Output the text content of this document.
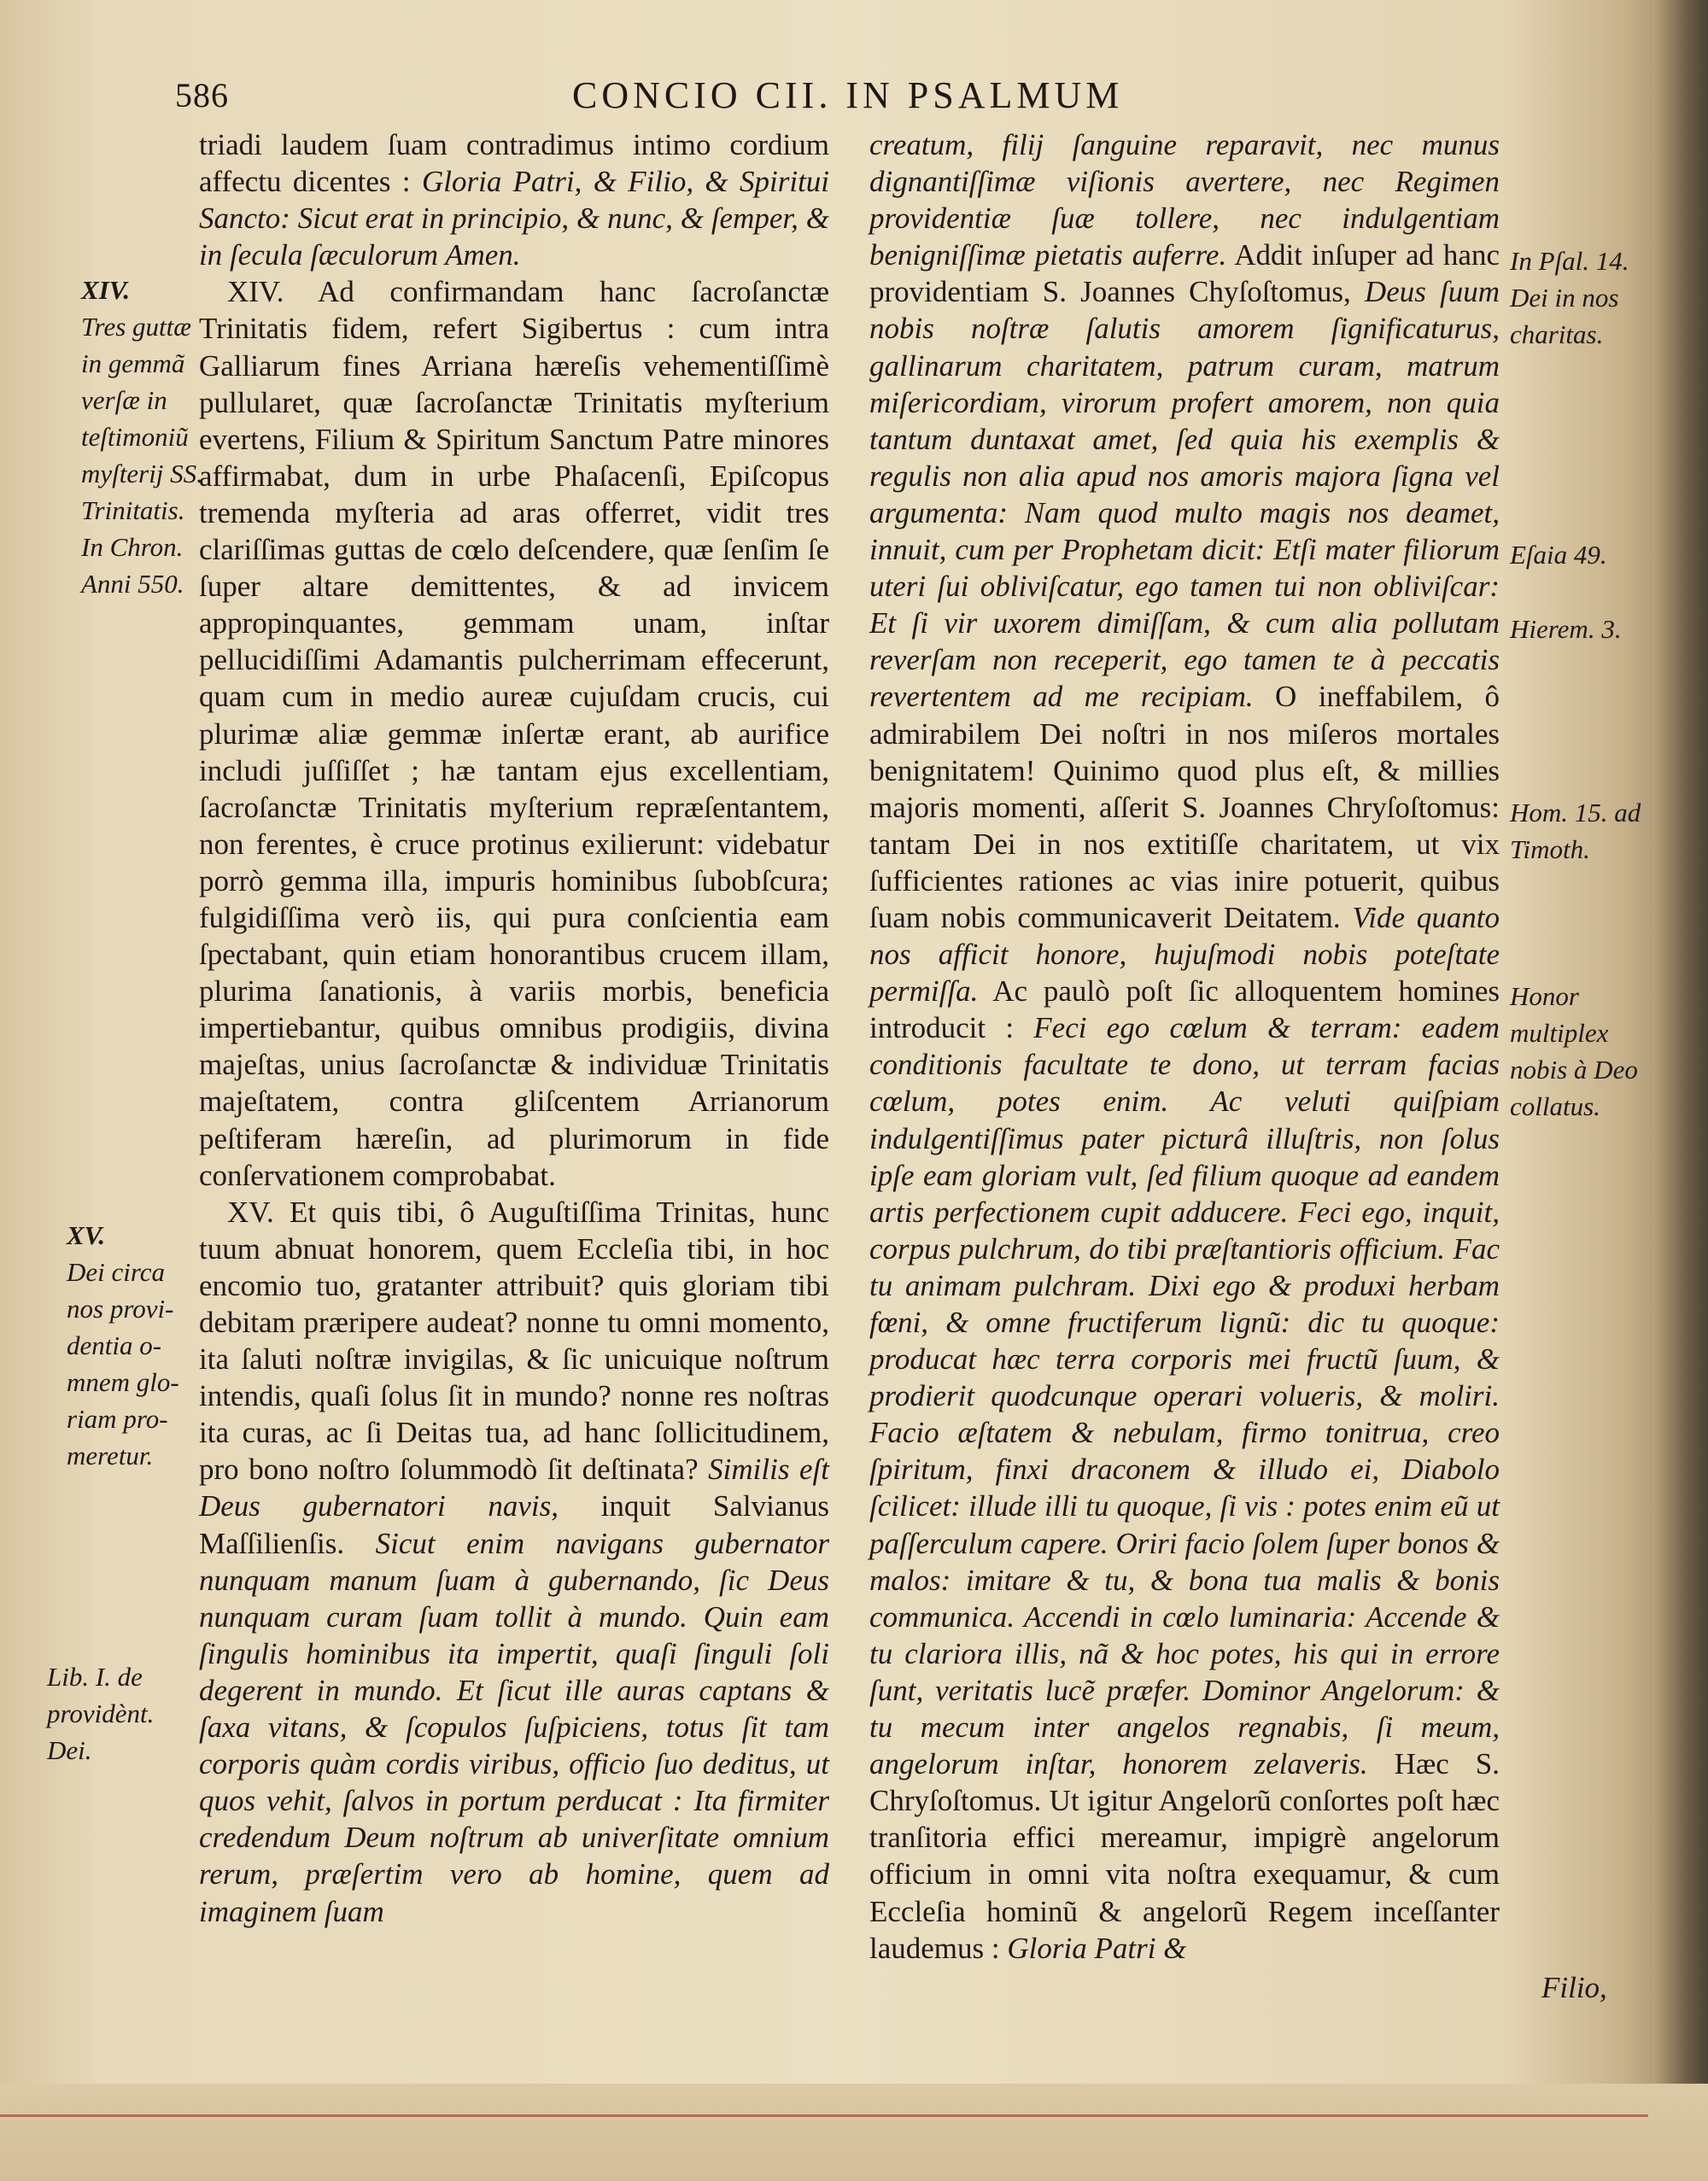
586	CONCIO CII. IN PSALMUM
XIV.
Tres guttæ
in gemmã
verſæ in
teſtimoniũ
myſterij SS.
Trinitatis.
In Chron.
Anni 550.
XV.
Dei circa
nos provi-
dentia o-
mnem glo-
riam pro-
meretur.
Lib. I. de
providènt.
Dei.

triadi laudem ſuam contradimus intimo cordium affectu dicentes : Gloria Patri, & Filio, & Spiritui Sancto: Sicut erat in principio, & nunc, & ſemper, & in ſecula ſæculorum Amen.

XIV. Ad confirmandam hanc ſacroſanctæ Trinitatis fidem, refert Sigibertus : cum intra Galliarum fines Arriana hæreſis vehementiſſimè pullularet, quæ ſacroſanctæ Trinitatis myſterium evertens, Filium & Spiritum Sanctum Patre minores affirmabat, dum in urbe Phaſacenſi, Epiſcopus tremenda myſteria ad aras offerret, vidit tres clariſſimas guttas de cœlo deſcendere, quæ ſenſim ſe ſuper altare demittentes, & ad invicem appropinquantes, gemmam unam, inſtar pellucidiſſimi Adamantis pulcherrimam effecerunt, quam cum in medio aureæ cujuſdam crucis, cui plurimæ aliæ gemmæ inſertæ erant, ab aurifice includi juſſiſſet ; hæ tantam ejus excellentiam, ſacroſanctæ Trinitatis myſterium repræſentantem, non ferentes, è cruce protinus exilierunt: videbatur porrò gemma illa, impuris hominibus ſubobſcura; fulgidiſſima verò iis, qui pura conſcientia eam ſpectabant, quin etiam honorantibus crucem illam, plurima ſanationis, à variis morbis, beneficia impertiebantur, quibus omnibus prodigiis, divina majeſtas, unius ſacroſanctæ & individuæ Trinitatis majeſtatem, contra gliſcentem Arrianorum peſtiferam hæreſin, ad plurimorum in fide conſervationem comprobabat.

XV. Et quis tibi, ô Auguſtiſſima Trinitas, hunc tuum abnuat honorem, quem Eccleſia tibi, in hoc encomio tuo, gratanter attribuit? quis gloriam tibi debitam præripere audeat? nonne tu omni momento, ita ſaluti noſtræ invigilas, & ſic unicuique noſtrum intendis, quaſi ſolus ſit in mundo? nonne res noſtras ita curas, ac ſi Deitas tua, ad hanc ſollicitudinem, pro bono noſtro ſolummodò ſit deſtinata? Similis eſt Deus gubernatori navis, inquit Salvianus Maſſilienſis. Sicut enim navigans gubernator nunquam manum ſuam à gubernando, ſic Deus nunquam curam ſuam tollit à mundo. Quin eam ſingulis hominibus ita impertit, quaſi ſinguli ſoli degerent in mundo. Et ſicut ille auras captans & ſaxa vitans, & ſcopulos ſuſpiciens, totus ſit tam corporis quàm cordis viribus, officio ſuo deditus, ut quos vehit, ſalvos in portum perducat : Ita firmiter credendum Deum noſtrum ab univerſitate omnium rerum, præſertim vero ab homine, quem ad imaginem ſuam

creatum, filij ſanguine reparavit, nec munus dignantiſſimæ viſionis avertere, nec Regimen providentiæ ſuæ tollere, nec indulgentiam benigniſſimæ pietatis auferre. Addit inſuper ad hanc providentiam S. Joannes Chyſoſtomus, Deus ſuum nobis noſtræ ſalutis amorem ſignificaturus, gallinarum charitatem, patrum curam, matrum miſericordiam, virorum profert amorem, non quia tantum duntaxat amet, ſed quia his exemplis & regulis non alia apud nos amoris majora ſigna vel argumenta: Nam quod multo magis nos deamet, innuit, cum per Prophetam dicit: Etſi mater filiorum uteri ſui obliviſcatur, ego tamen tui non obliviſcar: Et ſi vir uxorem dimiſſam, & cum alia pollutam reverſam non receperit, ego tamen te à peccatis revertentem ad me recipiam. O ineffabilem, ô admirabilem Dei noſtri in nos miſeros mortales benignitatem! Quinimo quod plus eſt, & millies majoris momenti, aſſerit S. Joannes Chryſoſtomus: tantam Dei in nos extitiſſe charitatem, ut vix ſufficientes rationes ac vias inire potuerit, quibus ſuam nobis communicaverit Deitatem. Vide quanto nos afficit honore, hujuſmodi nobis poteſtate permiſſa. Ac paulò poſt ſic alloquentem homines introducit : Feci ego cœlum & terram: eadem conditionis facultate te dono, ut terram facias cœlum, potes enim. Ac veluti quiſpiam indulgentiſſimus pater picturâ illuſtris, non ſolus ipſe eam gloriam vult, ſed filium quoque ad eandem artis perfectionem cupit adducere. Feci ego, inquit, corpus pulchrum, do tibi præſtantioris officium. Fac tu animam pulchram. Dixi ego & produxi herbam fœni, & omne fructiferum lignũ: dic tu quoque: producat hæc terra corporis mei fructũ ſuum, & prodierit quodcunque operari volueris, & moliri. Facio æſtatem & nebulam, firmo tonitrua, creo ſpiritum, finxi draconem & illudo ei, Diabolo ſcilicet: illude illi tu quoque, ſi vis : potes enim eũ ut paſſerculum capere. Oriri facio ſolem ſuper bonos & malos: imitare & tu, & bona tua malis & bonis communica. Accendi in cœlo luminaria: Accende & tu clariora illis, nã & hoc potes, his qui in errore ſunt, veritatis lucẽ præfer. Dominor Angelorum: & tu mecum inter angelos regnabis, ſi meum, angelorum inſtar, honorem zelaveris. Hæc S. Chryſoſtomus. Ut igitur Angelorũ conſortes poſt hæc tranſitoria effici mereamur, impigrè angelorum officium in omni vita noſtra exequamur, & cum Eccleſia hominũ & angelorũ Regem inceſſanter laudemus : Gloria Patri &

In Pſal. 14.
Dei in nos
charitas.
Eſaia 49.
Hierem. 3.
Hom. 15. ad
Timoth.
Honor
multiplex
nobis à Deo
collatus.
Filio,
